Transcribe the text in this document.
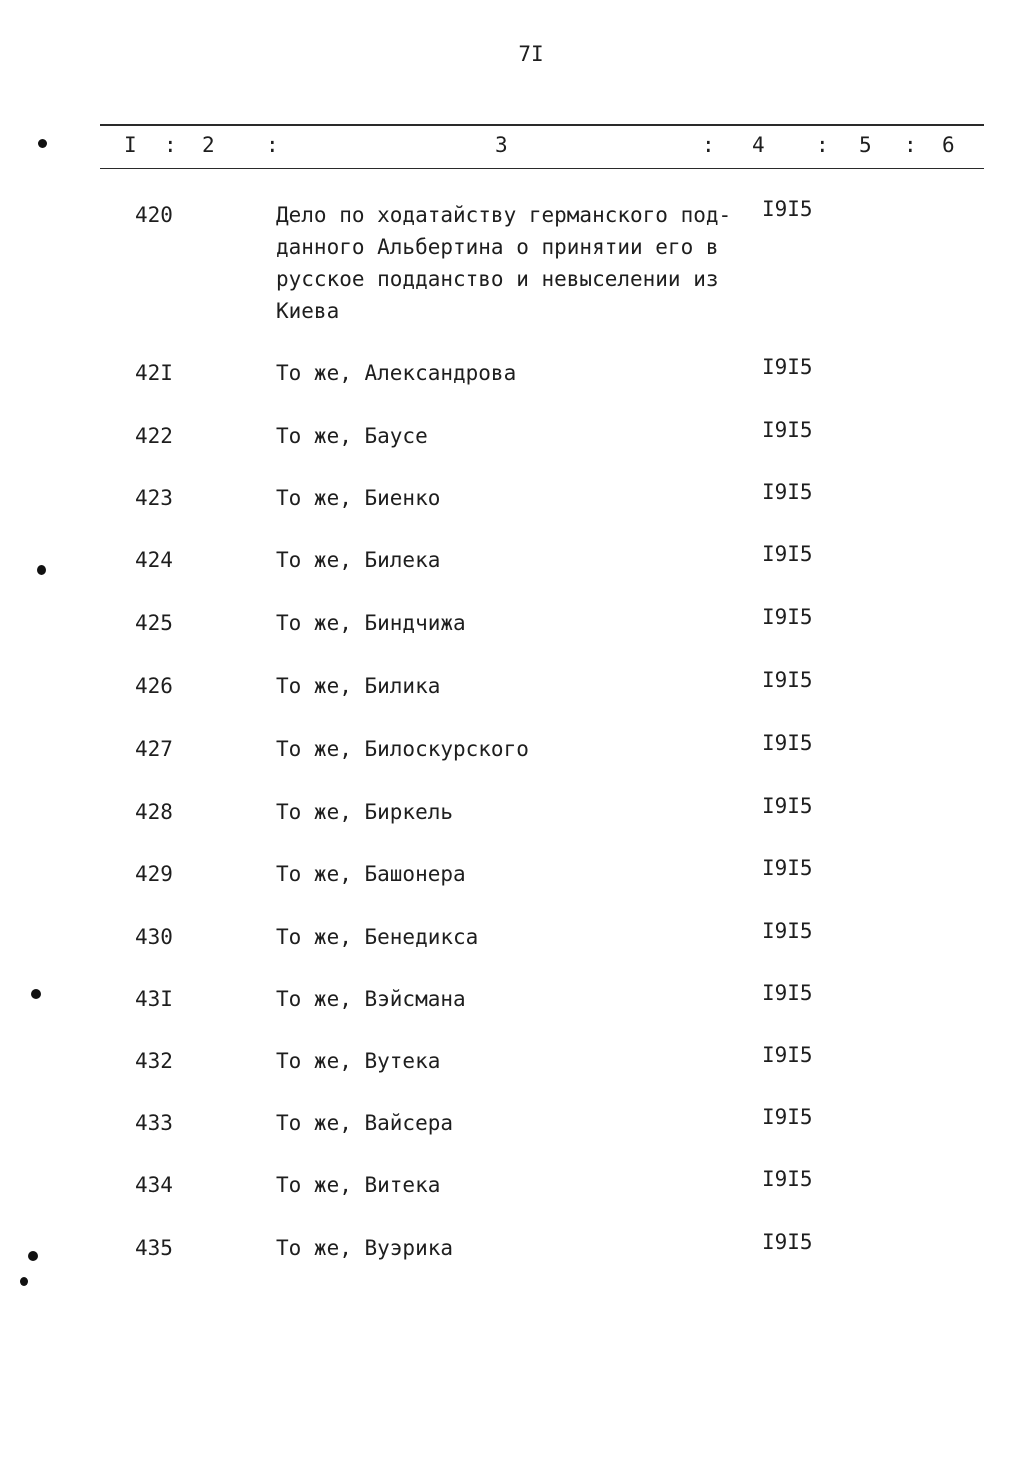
7I
I : 2 :	3	: 4 : 5 : 6
420	Дело по ходатайству германского под-
данного Альбертина о принятии его в
русское подданство и невыселении из
Киева
I9I5
42I	То же, Александрова	I9I5
422	То же, Баусе	I9I5
423	То же, Биенко	I9I5
424	То же, Билека	I9I5
425	То же, Биндчижа	I9I5
426	То же, Билика	I9I5
427	То же, Билоскурского	I9I5
428	То же, Биркель	I9I5
429	То же, Башонера	I9I5
430	То же, Бенедикса	I9I5
43I	То же, Вэйсмана	I9I5
432	То же, Вутека	I9I5
433	То же, Вайсера	I9I5
434	То же, Витека	I9I5
435	То же, Вуэрика	I9I5
